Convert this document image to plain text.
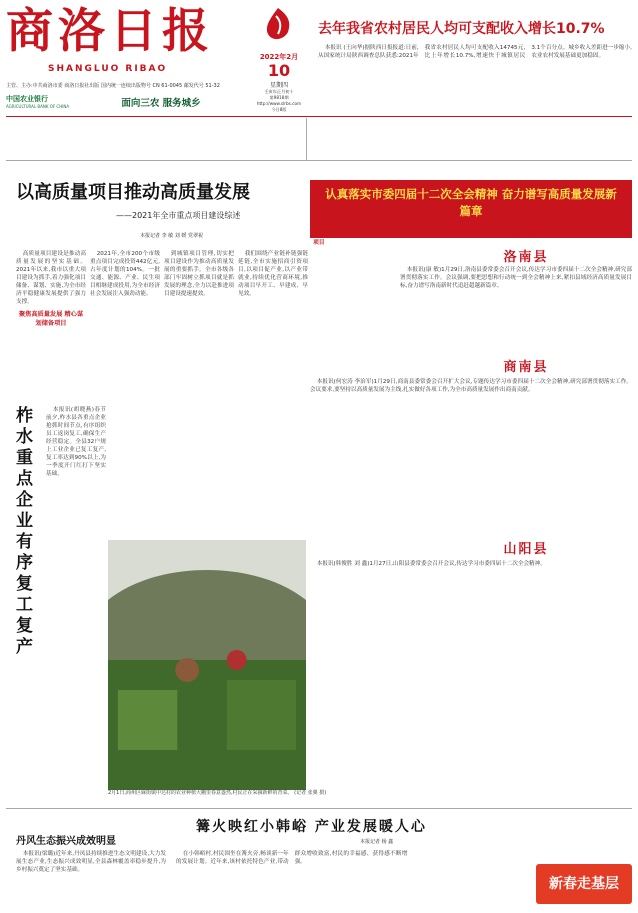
商洛日报
SHANGLUO RIBAO
主管、主办:中共商洛市委 商洛日报社出版 国内统一连续出版物号 CN 61-0045 邮发代号 51-32
2022年2月
10
星期四
壬寅年正月初十
第9818期
http://www.slrbs.com
今日8版
去年我省农村居民人均可支配收入增长10.7%

本报讯 (王向华)据陕西日报报道:日前,从国家统计局陕西调查总队获悉:2021年我省农村居民人均可支配收入14745元,比上年增长10.7%,增速快于城镇居民3.1个百分点。城乡收入差距进一步缩小,农业农村发展基础更加稳固。

中国农业银行
AGRICULTURAL BANK OF CHINA	面向三农 服务城乡
以高质量项目推动高质量发展
——2021年全市重点项目建设综述
本报记者 李 敏 刘 媛 党翠祝

高质量项目建设是推动高质量发展的坚实基础。2021年以来,我市以重大项目建设为抓手,着力强化项目储备、谋划、实施,为全市经济平稳健康发展提供了强力支撑。

聚焦高质量发展 精心谋划储备项目

2021年,全市200个市级重点项目完成投资442亿元,占年度计划的104%。一批交通、能源、产业、民生项目相继建成投用,为全市经济社会发展注入强劲动能。

到城镇项目管理,切实把项目建设作为推动高质量发展的重要抓手。全市各级各部门牢固树立抓项目就是抓发展的理念,全力以赴推进项目建设提速提效。

我们围绕产业链补链强链延链,全市实施招商引资项目,以项目促产业,以产业带就业,持续优化营商环境,推动项目早开工、早建成、早见效。

项目
柞水重点企业有序复工复产

本报讯(胡晓燕)春节前夕,柞水县各重点企业抢抓时间节点,有序组织员工返岗复工,确保生产经营稳定。全县32户规上工业企业已复工复产,复工率达到90%以上,为一季度开门红打下坚实基础。

2月1日,商州区麻街镇中达村的农业种植大棚里春意盎然,村民正在采摘新鲜的青菜。 (记者 张翼 摄)
认真落实市委四届十二次全会精神 奋力谱写高质量发展新篇章
洛南县

本报讯(康 敏)1月29日,洛南县委常委会召开会议,传达学习市委四届十二次全会精神,研究部署贯彻落实工作。会议强调,要把思想和行动统一到全会精神上来,紧扣县域经济高质量发展目标,奋力谱写洛南新时代追赶超越新篇章。

商南县

本报讯(何宏涛 李治军)1月29日,商南县委常委会召开扩大会议,专题传达学习市委四届十二次全会精神,研究部署贯彻落实工作。会议要求,要坚持以高质量发展为主线,扎实做好各项工作,为全市高质量发展作出商南贡献。

山阳县

本报讯(韩俊胜 刘 鑫)1月27日,山阳县委常委会召开会议,传达学习市委四届十二次全会精神。

篝火映红小韩峪 产业发展暖人心
本报记者 杨 鑫
丹风生态振兴成效明显

本报讯(梁璐)近年来,丹凤县持续推进生态文明建设,大力发展生态产业,生态振兴成效明显,全县森林覆盖率稳步提升,为乡村振兴奠定了坚实基础。

在小韩峪村,村民围坐在篝火旁,畅谈新一年的发展计划。近年来,该村依托特色产业,带动群众增收致富,村民的幸福感、获得感不断增强。

新春走基层
